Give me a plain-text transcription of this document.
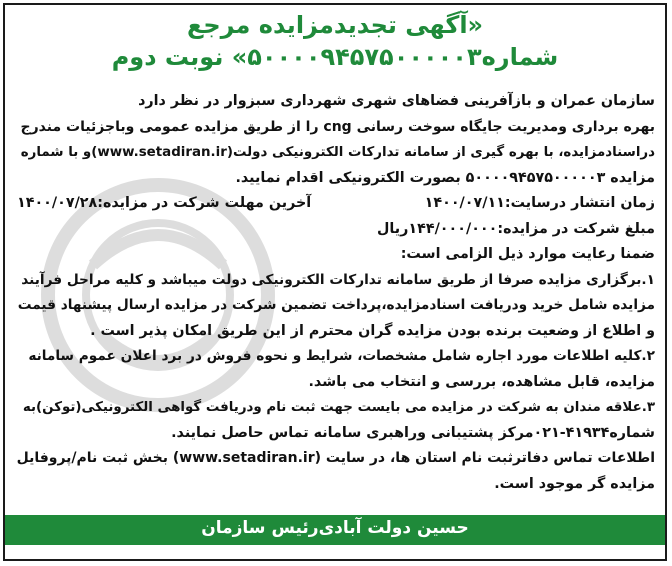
«آگهی تجدیدمزایده مرجع
شماره۵۰۰۰۰۹۴۵۷۵۰۰۰۰۰۳» نوبت دوم

سازمان عمران و بازآفرینی فضاهای شهری شهرداری سبزوار در نظر دارد

بهره برداری ومدیریت جایگاه سوخت رسانی cng را از طریق مزایده عمومی وباجزئیات مندرج

دراسنادمزایده، با بهره گیری از سامانه تدارکات الکترونیکی دولت(www.setadiran.ir)و با شماره

مزایده ۵۰۰۰۰۹۴۵۷۵۰۰۰۰۰۳ بصورت الکترونیکی اقدام نمایید.

زمان انتشار درسایت:۱۴۰۰/۰۷/۱۱
آخرین مهلت شرکت در مزایده:۱۴۰۰/۰۷/۲۸

مبلغ شرکت در مزایده:۱۴۴/۰۰۰/۰۰۰ریال

ضمنا رعایت موارد ذیل الزامی است:

۱.برگزاری مزایده صرفا از طریق سامانه تدارکات الکترونیکی دولت میباشد و کلیه مراحل فرآیند

مزایده شامل خرید ودریافت اسنادمزایده،پرداخت تضمین شرکت در مزایده ارسال پیشنهاد قیمت

و اطلاع از وضعیت برنده بودن مزایده گران محترم از این طریق امکان پذیر است .

۲.کلیه اطلاعات مورد اجاره شامل مشخصات، شرایط و نحوه فروش در برد اعلان عموم سامانه

مزایده، قابل مشاهده، بررسی و انتخاب می باشد.

۳.علاقه مندان به شرکت در مزایده می بایست جهت ثبت نام ودریافت گواهی الکترونیکی(توکن)به

شماره۴۱۹۳۴-۰۲۱مرکز پشتیبانی وراهبری سامانه تماس حاصل نمایند.

اطلاعات تماس دفاترثبت نام استان ها، در سایت (www.setadiran.ir) بخش ثبت نام/پروفایل

مزایده گر موجود است.

حسین دولت آبادی‌رئیس سازمان
